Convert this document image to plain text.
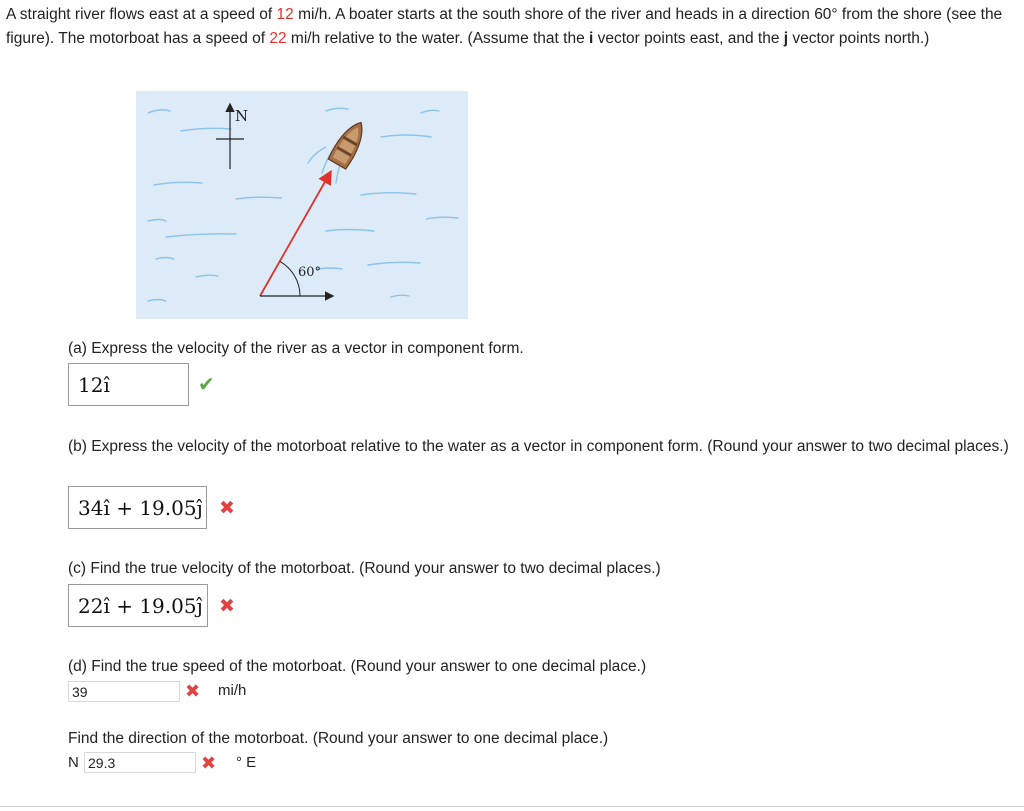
A straight river flows east at a speed of 12 mi/h. A boater starts at the south shore of the river and heads in a direction 60° from the shore (see the figure). The motorboat has a speed of 22 mi/h relative to the water. (Assume that the i vector points east, and the j vector points north.)
N
60°
(a) Express the velocity of the river as a vector in component form.
12î	✔
(b) Express the velocity of the motorboat relative to the water as a vector in component form. (Round your answer to two decimal places.)
34î + 19.05ĵ ✖
(c) Find the true velocity of the motorboat. (Round your answer to two decimal places.)
22î + 19.05ĵ ✖
(d) Find the true speed of the motorboat. (Round your answer to one decimal place.)
39	✖ mi/h
Find the direction of the motorboat. (Round your answer to one decimal place.)
N 29.3	✖ ° E
